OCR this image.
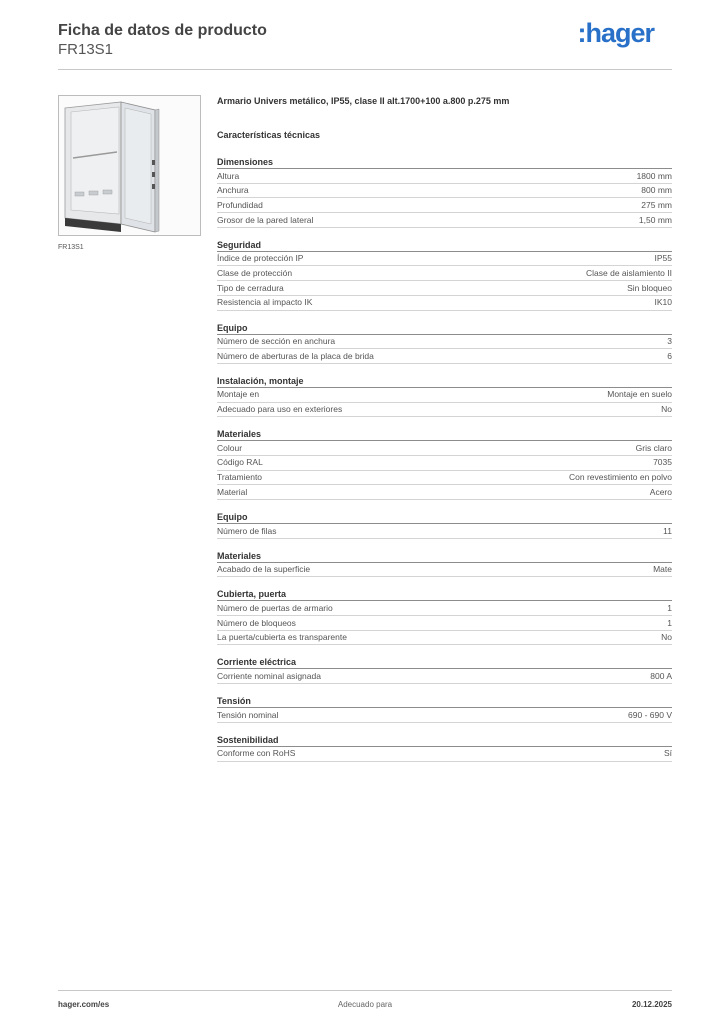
Ficha de datos de producto
FR13S1
:hager
FR13S1
Armario Univers metálico, IP55, clase II alt.1700+100 a.800 p.275 mm
Características técnicas
Dimensiones
Altura	1800 mm
Anchura	800 mm
Profundidad	275 mm
Grosor de la pared lateral	1,50 mm
Seguridad
Índice de protección IP	IP55
Clase de protección	Clase de aislamiento II
Tipo de cerradura	Sin bloqueo
Resistencia al impacto IK	IK10
Equipo
Número de sección en anchura	3
Número de aberturas de la placa de brida	6
Instalación, montaje
Montaje en	Montaje en suelo
Adecuado para uso en exteriores	No
Materiales
Colour	Gris claro
Código RAL	7035
Tratamiento	Con revestimiento en polvo
Material	Acero
Equipo
Número de filas	11
Materiales
Acabado de la superficie	Mate
Cubierta, puerta
Número de puertas de armario	1
Número de bloqueos	1
La puerta/cubierta es transparente	No
Corriente eléctrica
Corriente nominal asignada	800 A
Tensión
Tensión nominal	690 - 690 V
Sostenibilidad
Conforme con RoHS	Sí
hager.com/es	Adecuado para	20.12.2025
